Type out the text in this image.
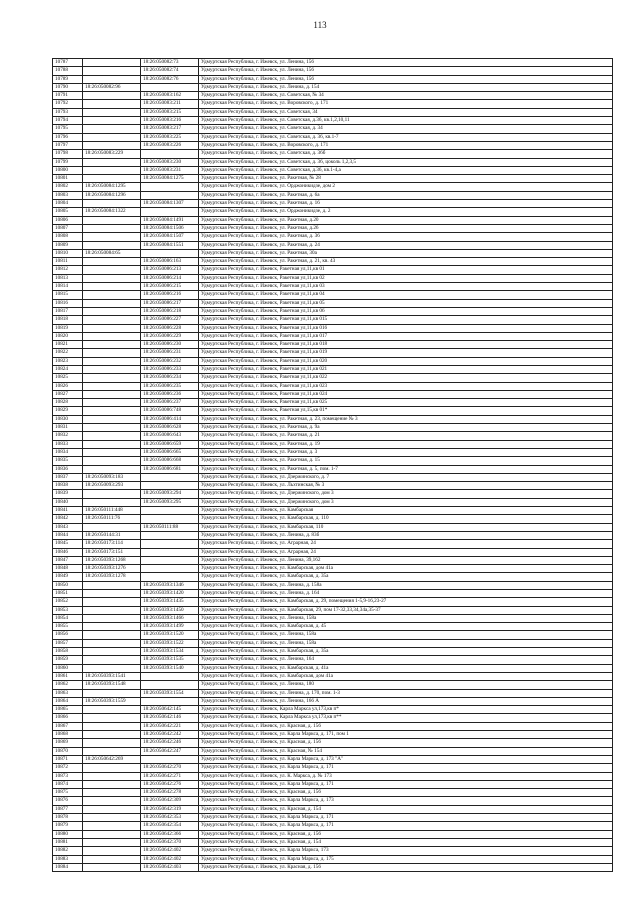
113
10787		18:26:050082:73	Удмуртская Республика, г. Ижевск, ул. Ленина, 156
10788		18:26:050082:74	Удмуртская Республика, г. Ижевск, ул. Ленина, 156
10789		18:26:050082:76	Удмуртская Республика, г. Ижевск, ул. Ленина, 156
10790	18:26:050082:96		Удмуртская Республика, г. Ижевск, ул. Ленина, д. 154
10791		18:26:050083:162	Удмуртская Республика, г. Ижевск, ул. Советская, № 34
10792		18:26:050083:211	Удмуртская Республика, г. Ижевск, ул. Воровского, д. 171
10793		18:26:050083:215	Удмуртская Республика, г. Ижевск, ул. Советская, 34
10794		18:26:050083:216	Удмуртская Республика, г. Ижевск, ул. Советская, д.36, кв.1,2,10,11
10795		18:26:050083:217	Удмуртская Республика, г. Ижевск, ул. Советская, д. 34
10796		18:26:050083:225	Удмуртская Республика, г. Ижевск, ул. Советская, д. 36, кв.1-7
10797		18:26:050083:226	Удмуртская Республика, г. Ижевск, ул. Воровского, д. 171
10798	18:26:050083:229		Удмуртская Республика, г. Ижевск, ул. Советская, д. 36б
10799		18:26:050083:230	Удмуртская Республика, г. Ижевск, ул. Советская, д. 36, цоколь 1,2,3,5
10800		18:26:050083:231	Удмуртская Республика, г. Ижевск, ул. Советская, д.36, кв.1-4,а
10801		18:26:050084:1275	Удмуртская Республика, г. Ижевск, ул. Ракетная, № 28
10802	18:26:050084:1295		Удмуртская Республика, г. Ижевск, ул. Орджоникидзе, дом 2
10803	18:26:050084:1296		Удмуртская Республика, г. Ижевск, ул. Ракетная, д. 6а
10804		18:26:050084:1307	Удмуртская Республика, г. Ижевск, ул. Ракетная, д. 16
10805	18:26:050084:1322		Удмуртская Республика, г. Ижевск, ул. Орджоникидзе, д. 2
10806		18:26:050084:1491	Удмуртская Республика, г. Ижевск, ул. Ракетная, д.20
10807		18:26:050084:1506	Удмуртская Республика, г. Ижевск, ул. Ракетная, д.26
10808		18:26:050084:1507	Удмуртская Республика, г. Ижевск, ул. Ракетная, д. 36
10809		18:26:050084:1551	Удмуртская Республика, г. Ижевск, ул. Ракетная, д. 24
10810	18:26:050084:65		Удмуртская Республика, г. Ижевск, ул. Ракетная, 30а
10811		18:26:050086:163	Удмуртская Республика, г. Ижевск, ул. Ракетная, д. 21, кв. 43
10812		18:26:050086:213	Удмуртская Республика, г. Ижевск, Ракетная ул,11,кв 01
10813		18:26:050086:214	Удмуртская Республика, г. Ижевск, Ракетная ул,11,кв 02
10814		18:26:050086:215	Удмуртская Республика, г. Ижевск, Ракетная ул,11,кв 03
10815		18:26:050086:216	Удмуртская Республика, г. Ижевск, Ракетная ул,11,кв 04
10816		18:26:050086:217	Удмуртская Республика, г. Ижевск, Ракетная ул,11,кв 05
10817		18:26:050086:218	Удмуртская Республика, г. Ижевск, Ракетная ул,11,кв 06
10818		18:26:050086:227	Удмуртская Республика, г. Ижевск, Ракетная ул,11,кв 015
10819		18:26:050086:228	Удмуртская Республика, г. Ижевск, Ракетная ул,11,кв 016
10820		18:26:050086:229	Удмуртская Республика, г. Ижевск, Ракетная ул,11,кв 017
10821		18:26:050086:230	Удмуртская Республика, г. Ижевск, Ракетная ул,11,кв 018
10822		18:26:050086:231	Удмуртская Республика, г. Ижевск, Ракетная ул,11,кв 019
10823		18:26:050086:232	Удмуртская Республика, г. Ижевск, Ракетная ул,11,кв 020
10824		18:26:050086:233	Удмуртская Республика, г. Ижевск, Ракетная ул,11,кв 021
10825		18:26:050086:234	Удмуртская Республика, г. Ижевск, Ракетная ул,11,кв 022
10826		18:26:050086:235	Удмуртская Республика, г. Ижевск, Ракетная ул,11,кв 023
10827		18:26:050086:236	Удмуртская Республика, г. Ижевск, Ракетная ул,11,кв 024
10828		18:26:050086:237	Удмуртская Республика, г. Ижевск, Ракетная ул,11,кв 025
10829		18:26:050086:748	Удмуртская Республика, г. Ижевск, Ракетная ул,15,кв 01*
10830		18:26:050086:414	Удмуртская Республика, г. Ижевск, ул. Ракетная, д. 23, помещение № 3
10831		18:26:050086:628	Удмуртская Республика, г. Ижевск, ул. Ракетная, д. 9а
10832		18:26:050086:643	Удмуртская Республика, г. Ижевск, ул. Ракетная, д. 21
10833		18:26:050086:659	Удмуртская Республика, г. Ижевск, ул. Ракетная, д. 19
10834		18:26:050086:665	Удмуртская Республика, г. Ижевск, ул. Ракетная, д. 3
10835		18:26:050086:668	Удмуртская Республика, г. Ижевск, ул. Ракетная, д. 15
10836		18:26:050086:681	Удмуртская Республика, г. Ижевск, ул. Ракетная, д. 5, пом. 1-7
10837	18:26:050093:183		Удмуртская Республика, г. Ижевск, ул. Дзержинского, д. 7
10838	18:26:050093:293		Удмуртская Республика, г. Ижевск, ул. Льхтинская, № 3
10839		18:26:050093:294	Удмуртская Республика, г. Ижевск, ул. Дзержинского, дом 3
10840		18:26:050093:295	Удмуртская Республика, г. Ижевск, ул. Дзержинского, дом 3
10841	18:26:050111:448		Удмуртская Республика, г. Ижевск, ул. Камбарская
10842	18:26:050111:76		Удмуртская Республика, г. Ижевск, ул. Камбарская, д. 110
10843		18:26:050111:88	Удмуртская Республика, г. Ижевск, ул. Камбарская, 110
10844	18:26:050144:31		Удмуртская Республика, г. Ижевск, ул. Ленина, д. 83б
10845	18:26:050173:114		Удмуртская Республика, г. Ижевск, ул. Аграрная, 24
10846	18:26:050173:151		Удмуртская Республика, г. Ижевск, ул. Аграрная, 24
10847	18:26:050393:1268		Удмуртская Республика, г. Ижевск, ул. Ленина, 39,162
10848	18:26:050393:1276		Удмуртская Республика, г. Ижевск, ул. Камбарская, дом 41а
10849	18:26:050393:1278		Удмуртская Республика, г. Ижевск, ул. Камбарская, д. 35а
10850		18:26:050393:1346	Удмуртская Республика, г. Ижевск, ул. Ленина, д. 158а
10851		18:26:050393:1420	Удмуртская Республика, г. Ижевск, ул. Ленина, д. 164
10852		18:26:050393:1435	Удмуртская Республика, г. Ижевск, ул. Камбарская, д. 29, помещения 1-5,9-16,23-27
10853		18:26:050393:1450	Удмуртская Республика, г. Ижевск, ул. Камбарская, 29, пом 17-32,33,34,34а,35-37
10854		18:26:050393:1466	Удмуртская Республика, г. Ижевск, ул. Ленина, 158а
10855		18:26:050393:1499	Удмуртская Республика, г. Ижевск, ул. Камбарская, д. 45
10856		18:26:050393:1520	Удмуртская Республика, г. Ижевск, ул. Ленина, 158а
10857		18:26:050393:1522	Удмуртская Республика, г. Ижевск, ул. Ленина, 158а
10858		18:26:050393:1534	Удмуртская Республика, г. Ижевск, ул. Камбарская, д. 35а
10859		18:26:050393:1535	Удмуртская Республика, г. Ижевск, ул. Ленина, 164
10860		18:26:050393:1540	Удмуртская Республика, г. Ижевск, ул. Камбарская, д. 41а
10861	18:26:050393:1541		Удмуртская Республика, г. Ижевск, ул. Камбарская, дом 41а
10862	18:26:050393:1548		Удмуртская Республика, г. Ижевск, ул. Ленина, 180
10863		18:26:050393:1554	Удмуртская Республика, г. Ижевск, ул. Ленина, д. 170, пом. 1-3
10864	18:26:050393:1559		Удмуртская Республика, г. Ижевск, ул. Ленина, 166 А
10865		18:26:050642:145	Удмуртская Республика, г. Ижевск, Карла Маркса ул,173,кв п*
10866		18:26:050642:146	Удмуртская Республика, г. Ижевск, Карла Маркса ул,173,кв п**
10867		18:26:050642:221	Удмуртская Республика, г. Ижевск, ул. Красная, д. 156
10868		18:26:050642:242	Удмуртская Республика, г. Ижевск, ул. Карла Маркса, д. 171, пом 1
10869		18:26:050642:246	Удмуртская Республика, г. Ижевск, ул. Красная, д. 156
10870		18:26:050642:247	Удмуртская Республика, г. Ижевск, ул. Красная, № 154
10871	18:26:050642:269		Удмуртская Республика, г. Ижевск, ул. Карла Маркса, д. 173 "А"
10872		18:26:050642:270	Удмуртская Республика, г. Ижевск, ул. Карла Маркса, д. 171
10873		18:26:050642:271	Удмуртская Республика, г. Ижевск, ул. К. Маркса, д. № 173
10874		18:26:050642:276	Удмуртская Республика, г. Ижевск, ул. Карла Маркса, д. 171
10875		18:26:050642:278	Удмуртская Республика, г. Ижевск, ул. Красная, д. 156
10876		18:26:050642:309	Удмуртская Республика, г. Ижевск, ул. Карла Маркса, д. 173
10877		18:26:050642:319	Удмуртская Республика, г. Ижевск, ул. Красная, д. 154
10878		18:26:050642:353	Удмуртская Республика, г. Ижевск, ул. Карла Маркса, д. 171
10879		18:26:050642:354	Удмуртская Республика, г. Ижевск, ул. Карла Маркса, д. 171
10880		18:26:050642:366	Удмуртская Республика, г. Ижевск, ул. Красная, д. 156
10881		18:26:050642:370	Удмуртская Республика, г. Ижевск, ул. Красная, д. 154
10882		18:26:050642:402	Удмуртская Республика, г. Ижевск, ул. Карла Маркса, 173
10883		18:26:050642:402	Удмуртская Республика, г. Ижевск, ул. Карла Маркса, д. 175
10884		18:26:050642:403	Удмуртская Республика, г. Ижевск, ул. Красная, д. 156
